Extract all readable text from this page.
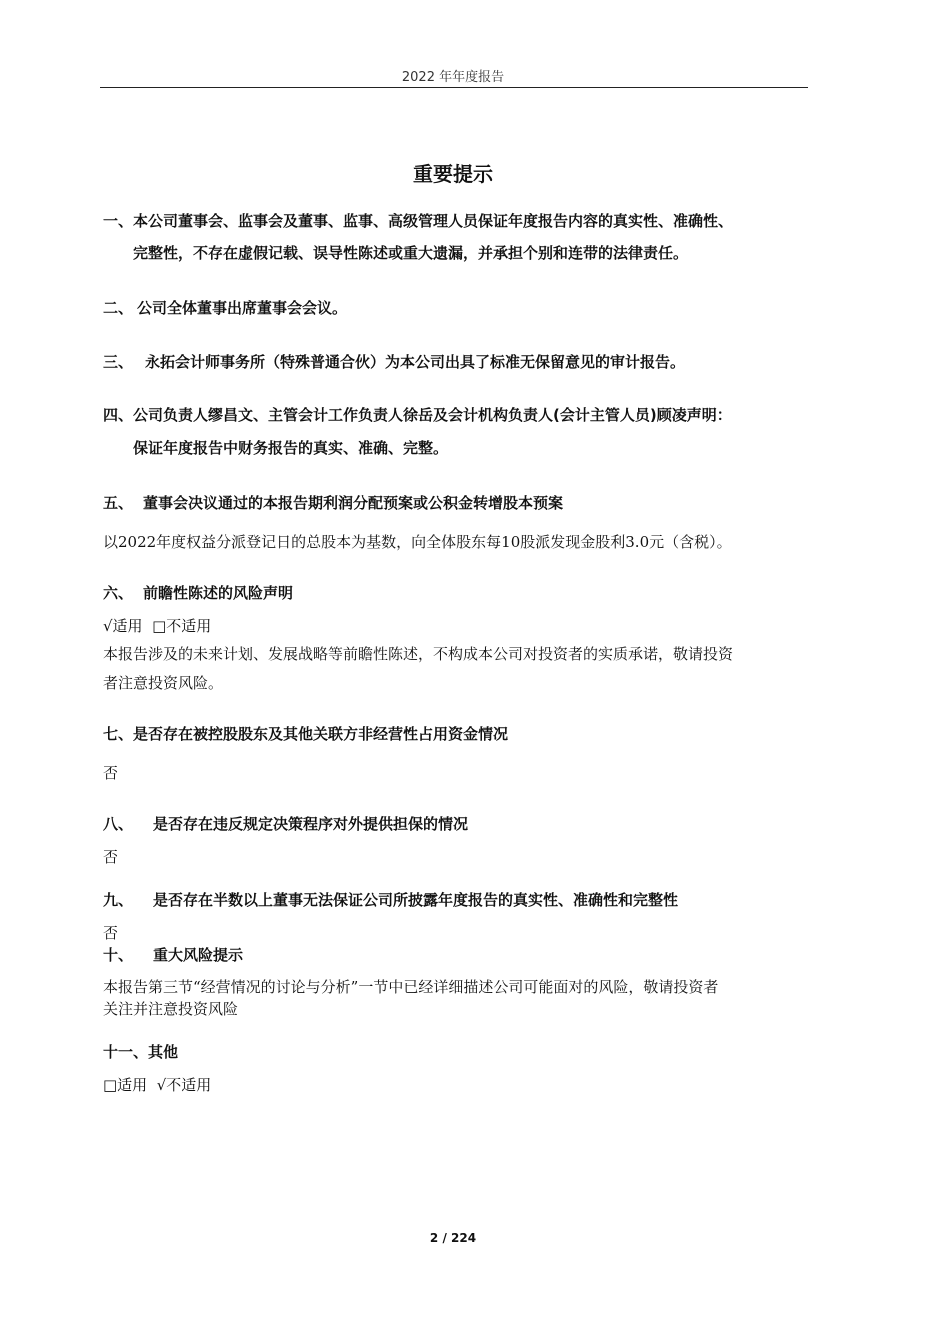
2022 年年度报告
重要提示
一、本公司董事会、监事会及董事、监事、高级管理人员保证年度报告内容的真实性、准确性、
完整性，不存在虚假记载、误导性陈述或重大遗漏，并承担个别和连带的法律责任。
二、 公司全体董事出席董事会会议。
三、 永拓会计师事务所（特殊普通合伙）为本公司出具了标准无保留意见的审计报告。
四、公司负责人缪昌文、主管会计工作负责人徐岳及会计机构负责人(会计主管人员)顾凌声明：
保证年度报告中财务报告的真实、准确、完整。
五、 董事会决议通过的本报告期利润分配预案或公积金转增股本预案
以2022年度权益分派登记日的总股本为基数，向全体股东每10股派发现金股利3.0元（含税）。
六、 前瞻性陈述的风险声明
√适用  □不适用
本报告涉及的未来计划、发展战略等前瞻性陈述，不构成本公司对投资者的实质承诺，敬请投资
者注意投资风险。
七、是否存在被控股股东及其他关联方非经营性占用资金情况
否
八、 是否存在违反规定决策程序对外提供担保的情况
否
九、 是否存在半数以上董事无法保证公司所披露年度报告的真实性、准确性和完整性
否
十、 重大风险提示
本报告第三节“经营情况的讨论与分析”一节中已经详细描述公司可能面对的风险，敬请投资者
关注并注意投资风险
十一、其他
□适用  √不适用
2 / 224
